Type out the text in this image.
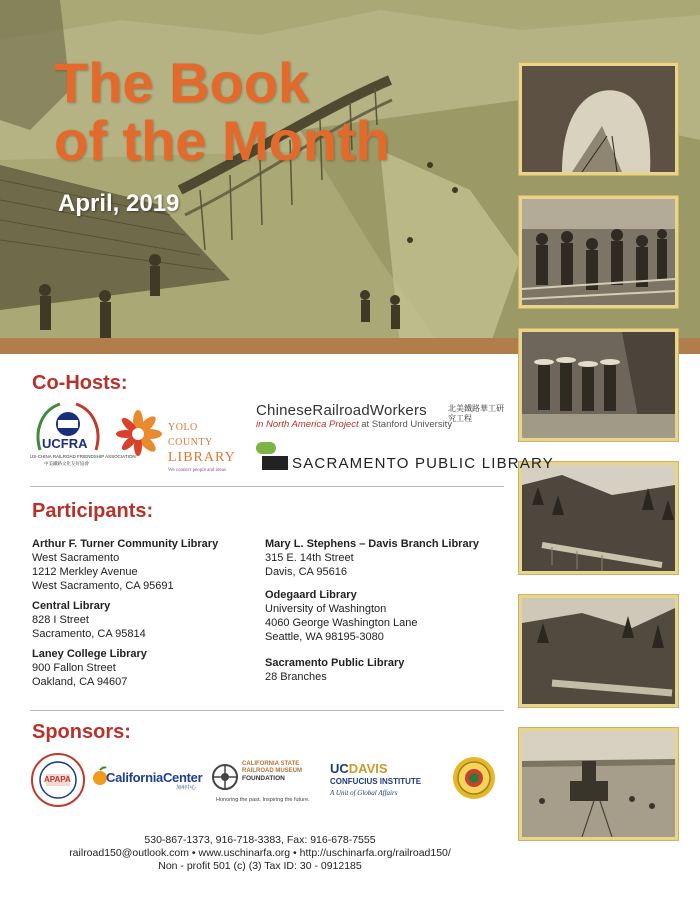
The Book
of the Month
April, 2019
Co-Hosts:
UCFRA
US-CHINA RAILROAD FRIENDSHIP ASSOCIATION
中美鐵路文化友好協會
YOLO COUNTY
LIBRARY
We connect people and ideas
ChineseRailroadWorkers
in North America Project at Stanford University
北美鐵路華工研究工程
SACRAMENTO PUBLIC LIBRARY
Participants:
Arthur F. Turner Community Library
West Sacramento
1212 Merkley Avenue
West Sacramento, CA 95691
Central Library
828 I Street
Sacramento, CA 95814
Laney College Library
900 Fallon Street
Oakland, CA 94607
Mary L. Stephens – Davis Branch Library
315 E. 14th Street
Davis, CA 95616
Odegaard Library
University of Washington
4060 George Washington Lane
Seattle, WA 98195-3080
Sacramento Public Library
28 Branches
Sponsors:
APAPA	CaliforniaCenter
加州中心
CALIFORNIA STATE
RAILROAD MUSEUM
FOUNDATION
Honoring the past. Inspiring the future.
UCDAVIS
CONFUCIUS INSTITUTE
A Unit of Global Affairs
530-867-1373, 916-718-3383, Fax: 916-678-7555
railroad150@outlook.com • www.uschinarfa.org • http://uschinarfa.org/railroad150/
Non - profit 501 (c) (3) Tax ID: 30 - 0912185
